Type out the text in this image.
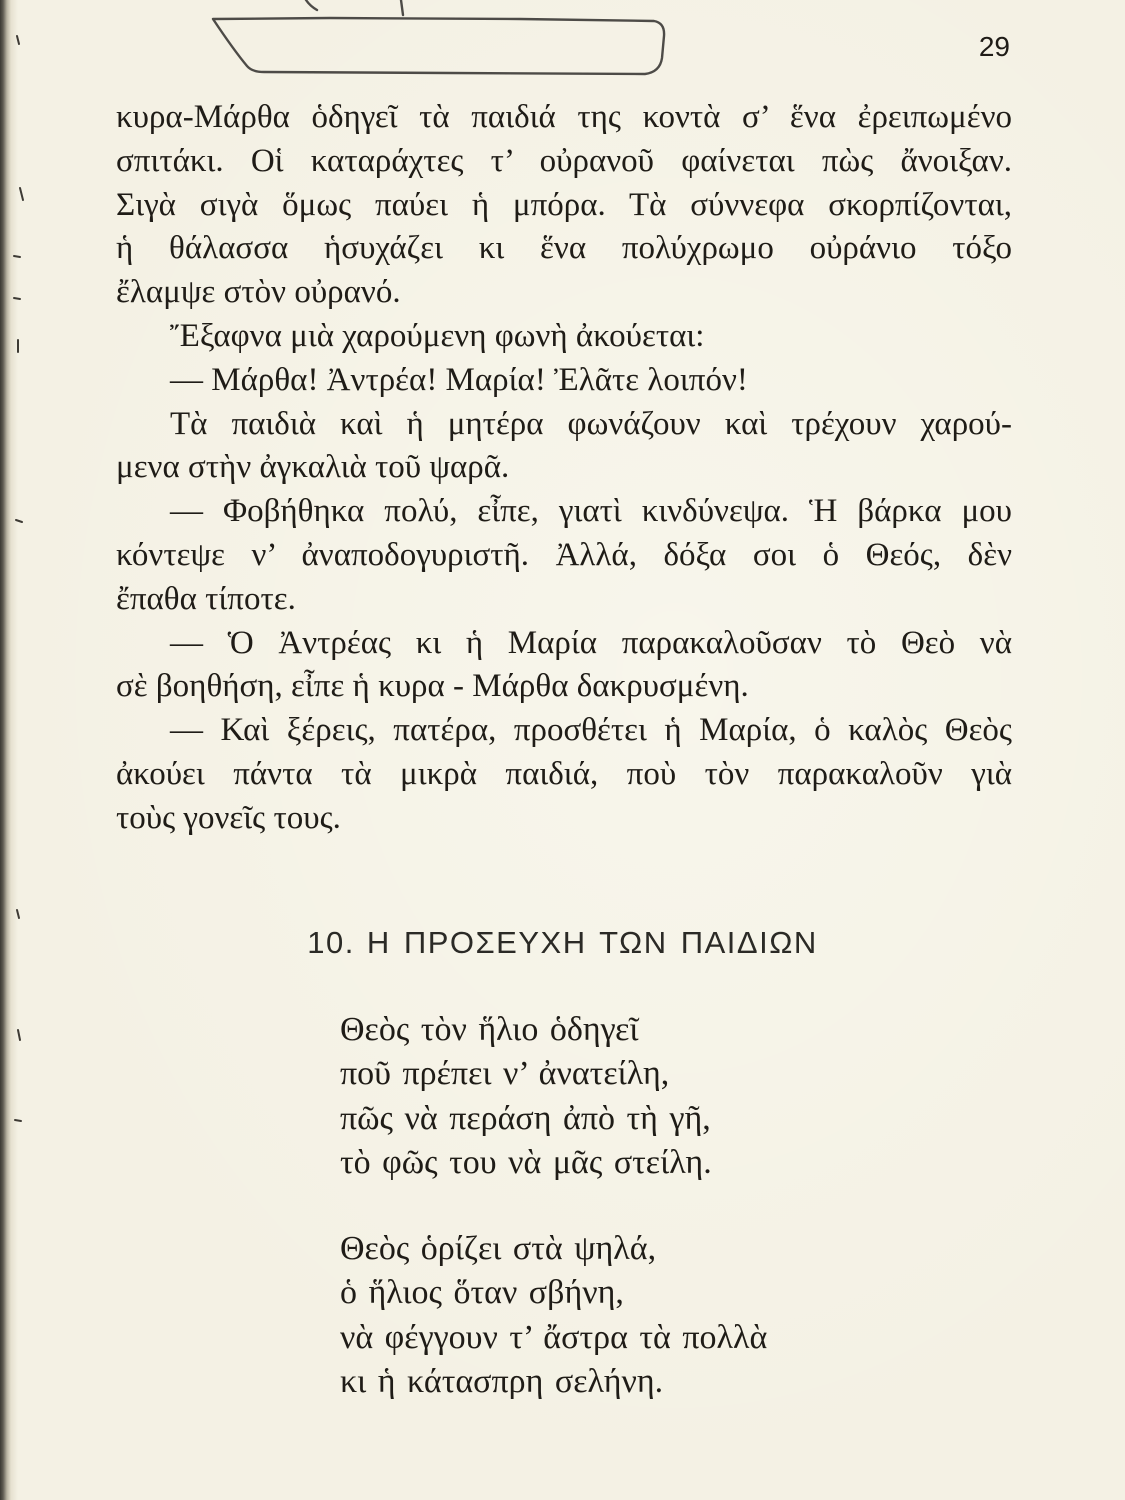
29
κυρα-Μάρθα ὁδηγεῖ τὰ παιδιά της κοντὰ σ’ ἕνα ἐρειπωμένο
σπιτάκι. Οἱ καταράχτες τ’ οὐρανοῦ φαίνεται πὼς ἄνοιξαν.
Σιγὰ σιγὰ ὅμως παύει ἡ μπόρα. Τὰ σύννεφα σκορπίζονται,
ἡ θάλασσα ἡσυχάζει κι ἕνα πολύχρωμο οὐράνιο τόξο
ἔλαμψε στὸν οὐρανό.
Ἔξαφνα μιὰ χαρούμενη φωνὴ ἀκούεται:
— Μάρθα! Ἀντρέα! Μαρία! Ἐλᾶτε λοιπόν!
Τὰ παιδιὰ καὶ ἡ μητέρα φωνάζουν καὶ τρέχουν χαρού-
μενα στὴν ἀγκαλιὰ τοῦ ψαρᾶ.
— Φοβήθηκα πολύ, εἶπε, γιατὶ κινδύνεψα. Ἡ βάρκα μου
κόντεψε ν’ ἀναποδογυριστῆ. Ἀλλά, δόξα σοι ὁ Θεός, δὲν
ἔπαθα τίποτε.
— Ὁ Ἀντρέας κι ἡ Μαρία παρακαλοῦσαν τὸ Θεὸ νὰ
σὲ βοηθήση, εἶπε ἡ κυρα - Μάρθα δακρυσμένη.
— Καὶ ξέρεις, πατέρα, προσθέτει ἡ Μαρία, ὁ καλὸς Θεὸς
ἀκούει πάντα τὰ μικρὰ παιδιά, ποὺ τὸν παρακαλοῦν γιὰ
τοὺς γονεῖς τους.
10. Η ΠΡΟΣΕΥΧΗ ΤΩΝ ΠΑΙΔΙΩΝ
Θεὸς τὸν ἥλιο ὁδηγεῖ
ποῦ πρέπει ν’ ἀνατείλη,
πῶς νὰ περάση ἀπὸ τὴ γῆ,
τὸ φῶς του νὰ μᾶς στείλη.
Θεὸς ὁρίζει στὰ ψηλά,
ὁ ἥλιος ὅταν σβήνη,
νὰ φέγγουν τ’ ἄστρα τὰ πολλὰ
κι ἡ κάτασπρη σελήνη.
